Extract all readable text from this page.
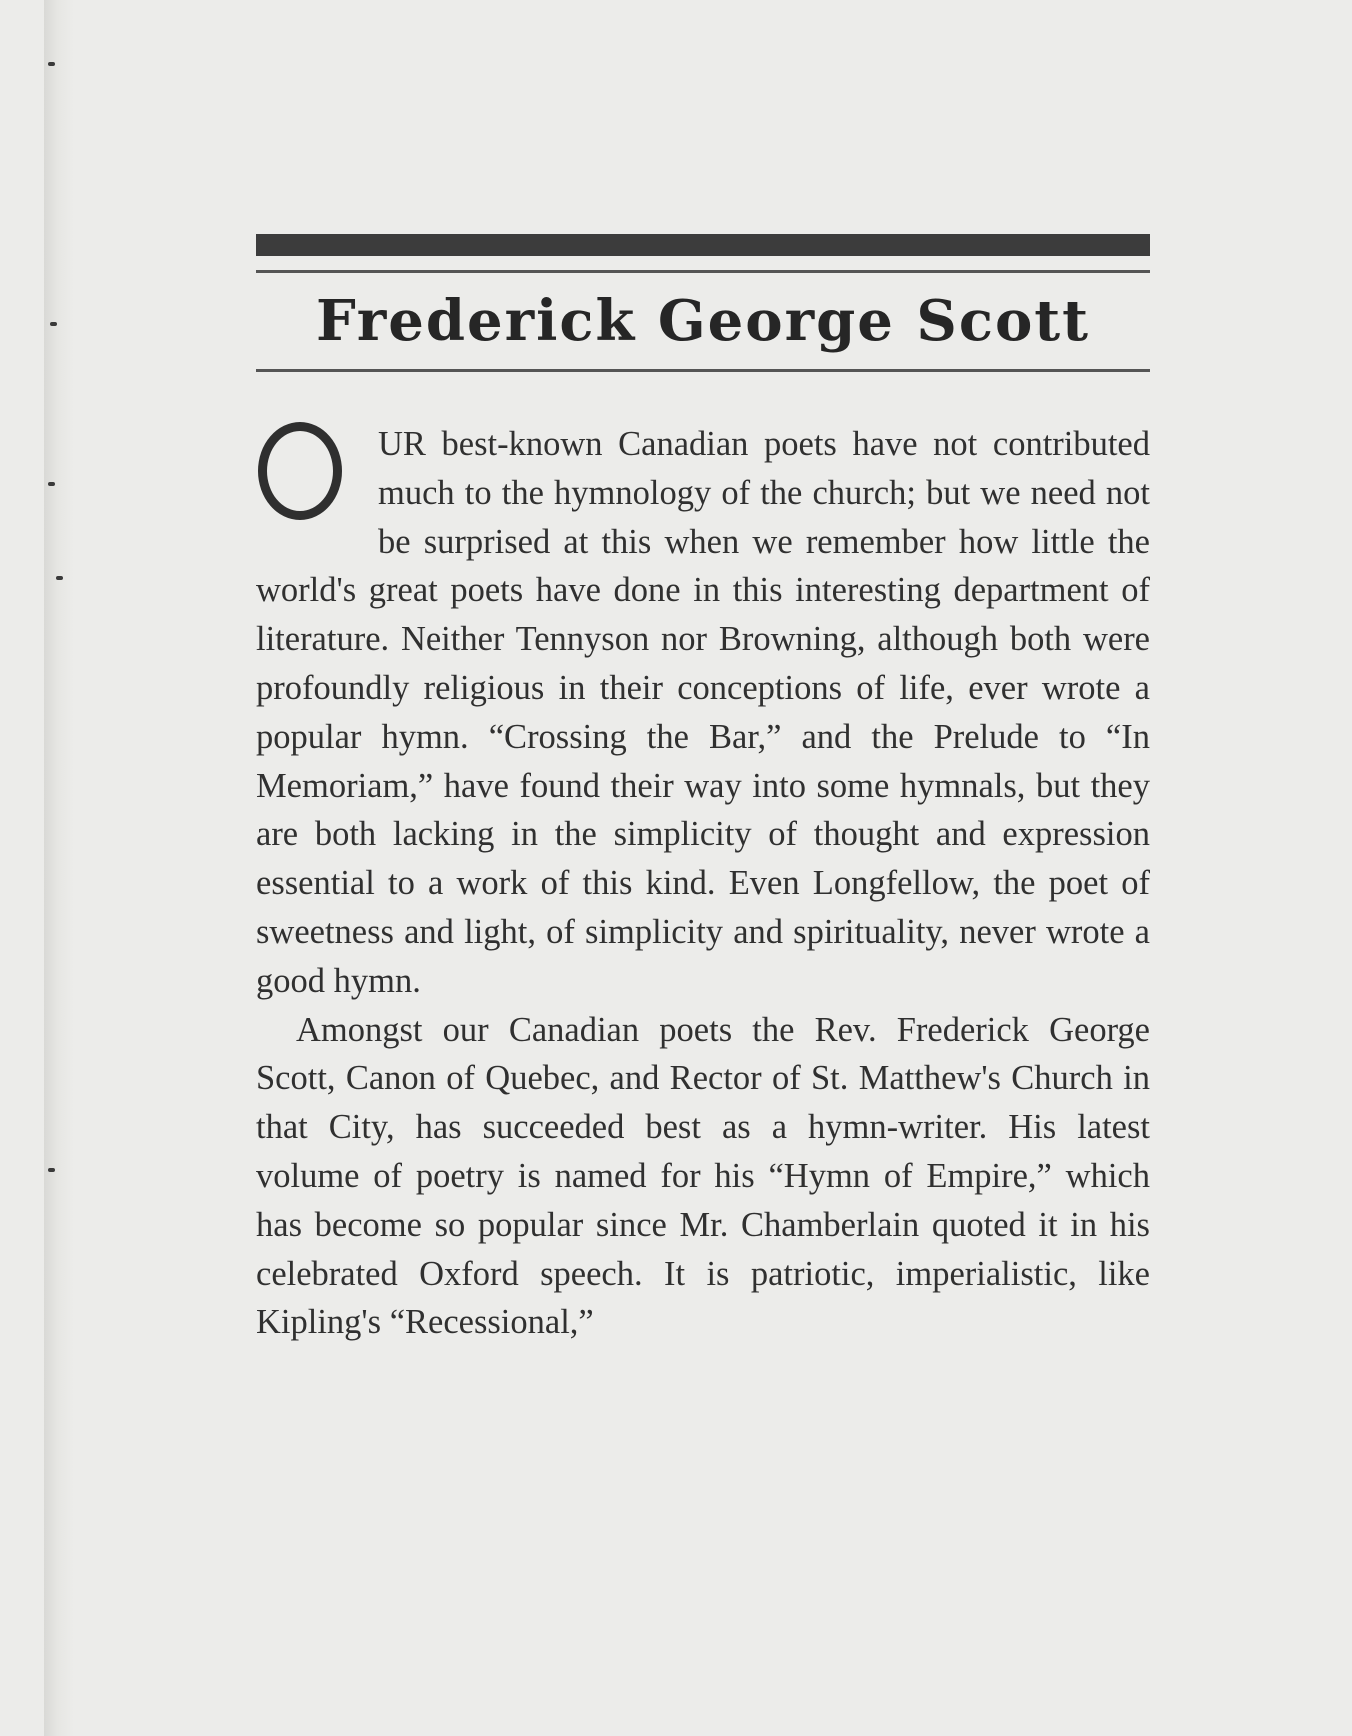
Frederick George Scott

UR best-known Canadian poets have not contributed much to the hymnology of the church; but we need not be surprised at this when we remember how little the world's great poets have done in this interesting department of literature. Neither Tennyson nor Browning, although both were profoundly religious in their conceptions of life, ever wrote a popular hymn. “Crossing the Bar,” and the Prelude to “In Memoriam,” have found their way into some hymnals, but they are both lacking in the simplicity of thought and expression essential to a work of this kind. Even Longfellow, the poet of sweetness and light, of simplicity and spirituality, never wrote a good hymn.

Amongst our Canadian poets the Rev. Frederick George Scott, Canon of Quebec, and Rector of St. Matthew's Church in that City, has succeeded best as a hymn-writer. His latest volume of poetry is named for his “Hymn of Empire,” which has become so popular since Mr. Chamberlain quoted it in his celebrated Oxford speech. It is patriotic, imperialistic, like Kipling's “Recessional,”
